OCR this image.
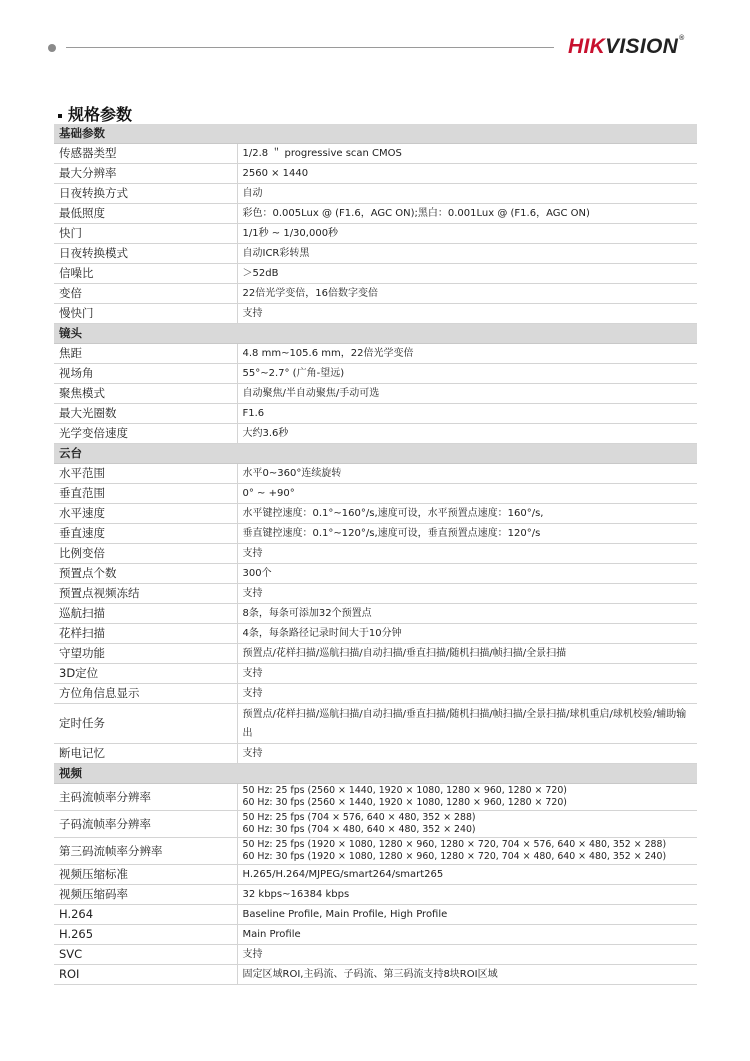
HIKVISION®
规格参数
基础参数	
传感器类型	1/2.8 ＂ progressive scan CMOS
最大分辨率	2560 × 1440
日夜转换方式	自动
最低照度	彩色：0.005Lux @ (F1.6，AGC ON);黑白：0.001Lux @ (F1.6，AGC ON)
快门	1/1秒 ~ 1/30,000秒
日夜转换模式	自动ICR彩转黑
信噪比	＞52dB
变倍	22倍光学变倍，16倍数字变倍
慢快门	支持
镜头	
焦距	4.8 mm~105.6 mm，22倍光学变倍
视场角	55°~2.7° (广角-望远)
聚焦模式	自动聚焦/半自动聚焦/手动可选
最大光圈数	F1.6
光学变倍速度	大约3.6秒
云台	
水平范围	水平0~360°连续旋转
垂直范围	0° ~ +90°
水平速度	水平键控速度：0.1°~160°/s,速度可设，水平预置点速度：160°/s,
垂直速度	垂直键控速度：0.1°~120°/s,速度可设，垂直预置点速度：120°/s
比例变倍	支持
预置点个数	300个
预置点视频冻结	支持
巡航扫描	8条，每条可添加32个预置点
花样扫描	4条，每条路径记录时间大于10分钟
守望功能	预置点/花样扫描/巡航扫描/自动扫描/垂直扫描/随机扫描/帧扫描/全景扫描
3D定位	支持
方位角信息显示	支持
定时任务	预置点/花样扫描/巡航扫描/自动扫描/垂直扫描/随机扫描/帧扫描/全景扫描/球机重启/球机校验/辅助输出
断电记忆	支持
视频	
主码流帧率分辨率	50 Hz: 25 fps (2560 × 1440, 1920 × 1080, 1280 × 960, 1280 × 720)
60 Hz: 30 fps (2560 × 1440, 1920 × 1080, 1280 × 960, 1280 × 720)

子码流帧率分辨率	50 Hz: 25 fps (704 × 576, 640 × 480, 352 × 288)
60 Hz: 30 fps (704 × 480, 640 × 480, 352 × 240)

第三码流帧率分辨率	50 Hz: 25 fps (1920 × 1080, 1280 × 960, 1280 × 720, 704 × 576, 640 × 480, 352 × 288)
60 Hz: 30 fps (1920 × 1080, 1280 × 960, 1280 × 720, 704 × 480, 640 × 480, 352 × 240)

视频压缩标准	H.265/H.264/MJPEG/smart264/smart265
视频压缩码率	32 kbps~16384 kbps
H.264	Baseline Profile, Main Profile, High Profile
H.265	Main Profile
SVC	支持
ROI	固定区域ROI,主码流、子码流、第三码流支持8块ROI区域
